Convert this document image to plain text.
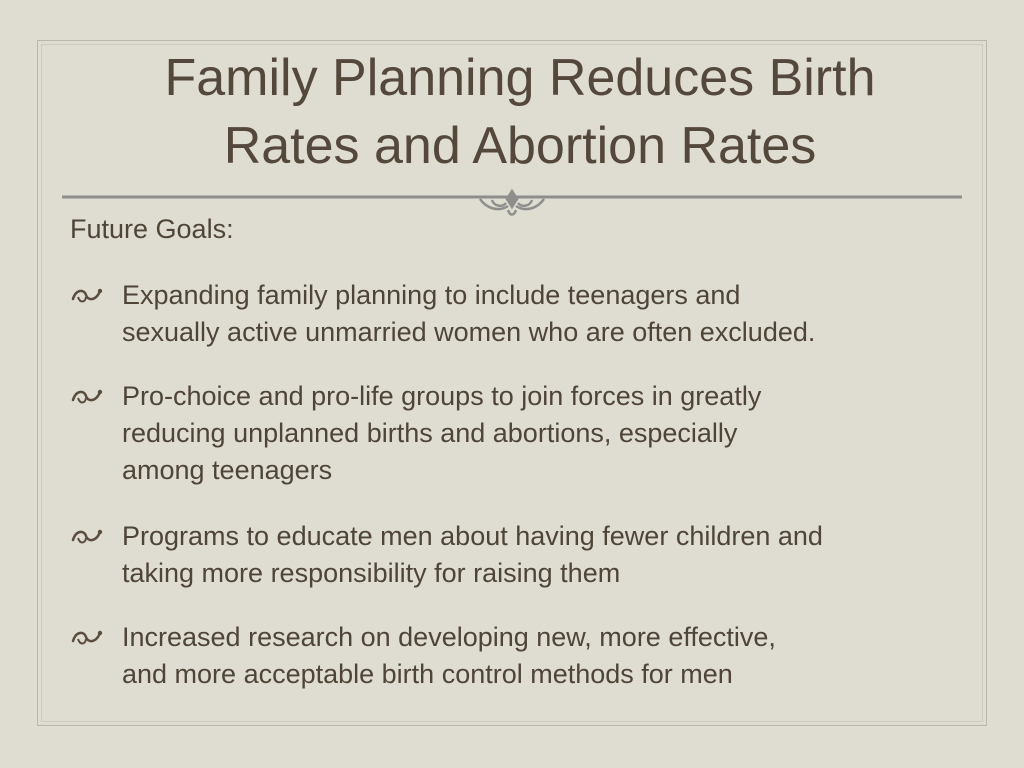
Family Planning Reduces Birth
Rates and Abortion Rates
Future Goals:
Expanding family planning to include teenagers and
sexually active unmarried women who are often excluded.
Pro-choice and pro-life groups to join forces in greatly
reducing unplanned births and abortions, especially
among teenagers
Programs to educate men about having fewer children and
taking more responsibility for raising them
Increased research on developing new, more effective,
and more acceptable birth control methods for men
